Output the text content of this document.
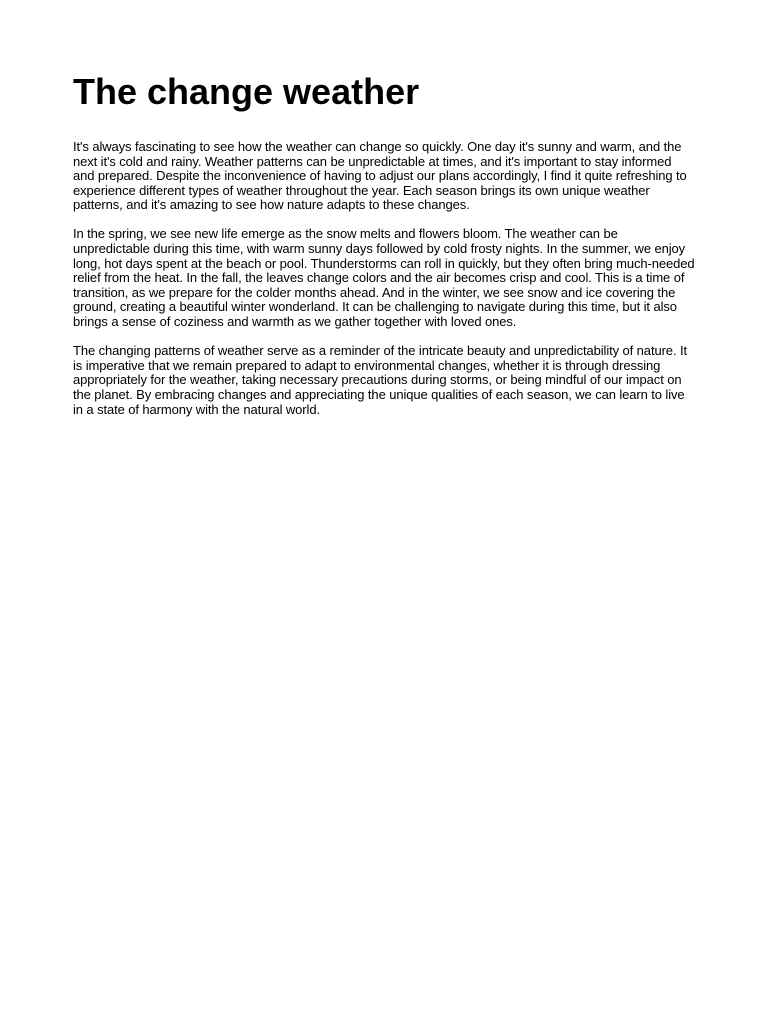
The change weather

It's always fascinating to see how the weather can change so quickly. One day it's sunny and warm, and the next it's cold and rainy. Weather patterns can be unpredictable at times, and it's important to stay informed and prepared. Despite the inconvenience of having to adjust our plans accordingly, I find it quite refreshing to experience different types of weather throughout the year. Each season brings its own unique weather patterns, and it's amazing to see how nature adapts to these changes.

In the spring, we see new life emerge as the snow melts and flowers bloom. The weather can be unpredictable during this time, with warm sunny days followed by cold frosty nights. In the summer, we enjoy long, hot days spent at the beach or pool. Thunderstorms can roll in quickly, but they often bring much-needed relief from the heat. In the fall, the leaves change colors and the air becomes crisp and cool. This is a time of transition, as we prepare for the colder months ahead. And in the winter, we see snow and ice covering the ground, creating a beautiful winter wonderland. It can be challenging to navigate during this time, but it also brings a sense of coziness and warmth as we gather together with loved ones.

The changing patterns of weather serve as a reminder of the intricate beauty and unpredictability of nature. It is imperative that we remain prepared to adapt to environmental changes, whether it is through dressing appropriately for the weather, taking necessary precautions during storms, or being mindful of our impact on the planet. By embracing changes and appreciating the unique qualities of each season, we can learn to live in a state of harmony with the natural world.
